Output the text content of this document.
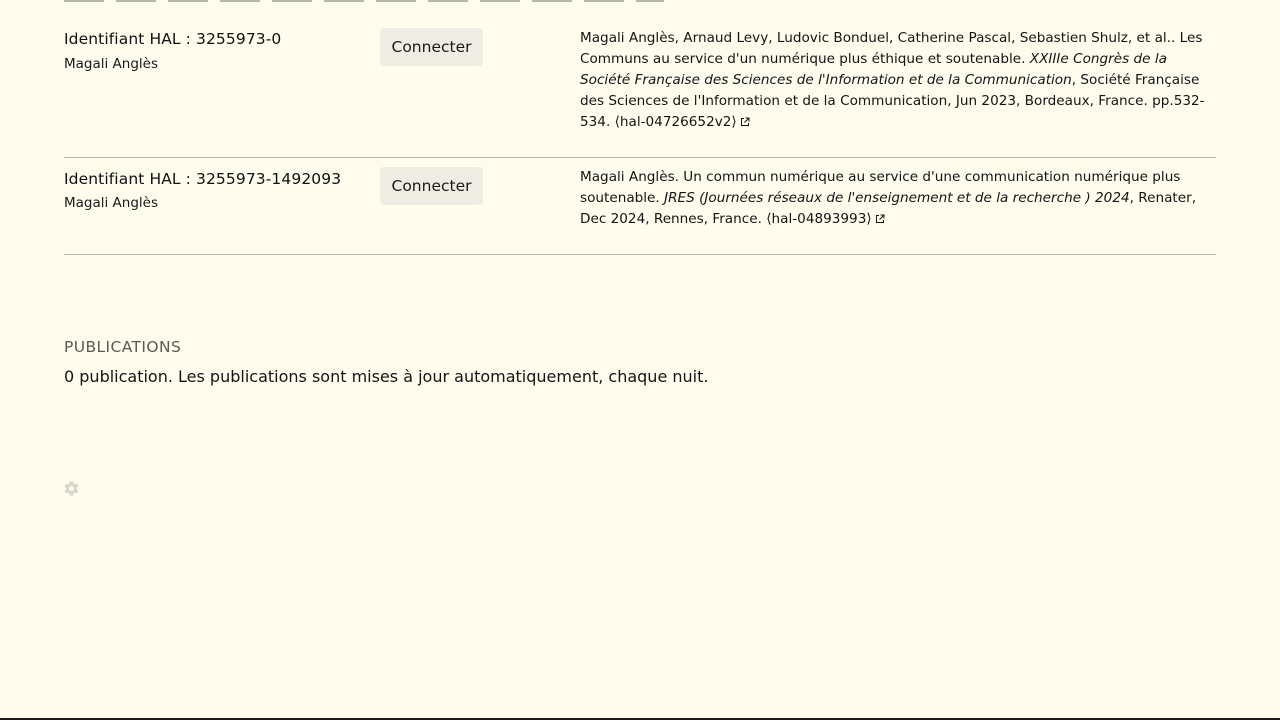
Identifiant HAL : 3255973-0
Magali Anglès
Connecter	Magali Anglès, Arnaud Levy, Ludovic Bonduel, Catherine Pascal, Sebastien Shulz, et al.. Les Communs au service d'un numérique plus éthique et soutenable. XXIIIe Congrès de la Société Française des Sciences de l'Information et de la Communication, Société Française des Sciences de l'Information et de la Communication, Jun 2023, Bordeaux, France. pp.532-534. ⟨hal-04726652v2⟩
Identifiant HAL : 3255973-1492093
Magali Anglès
Connecter	Magali Anglès. Un commun numérique au service d'une communication numérique plus soutenable. JRES (Journées réseaux de l'enseignement et de la recherche ) 2024, Renater, Dec 2024, Rennes, France. ⟨hal-04893993⟩
PUBLICATIONS
0 publication. Les publications sont mises à jour automatiquement, chaque nuit.
